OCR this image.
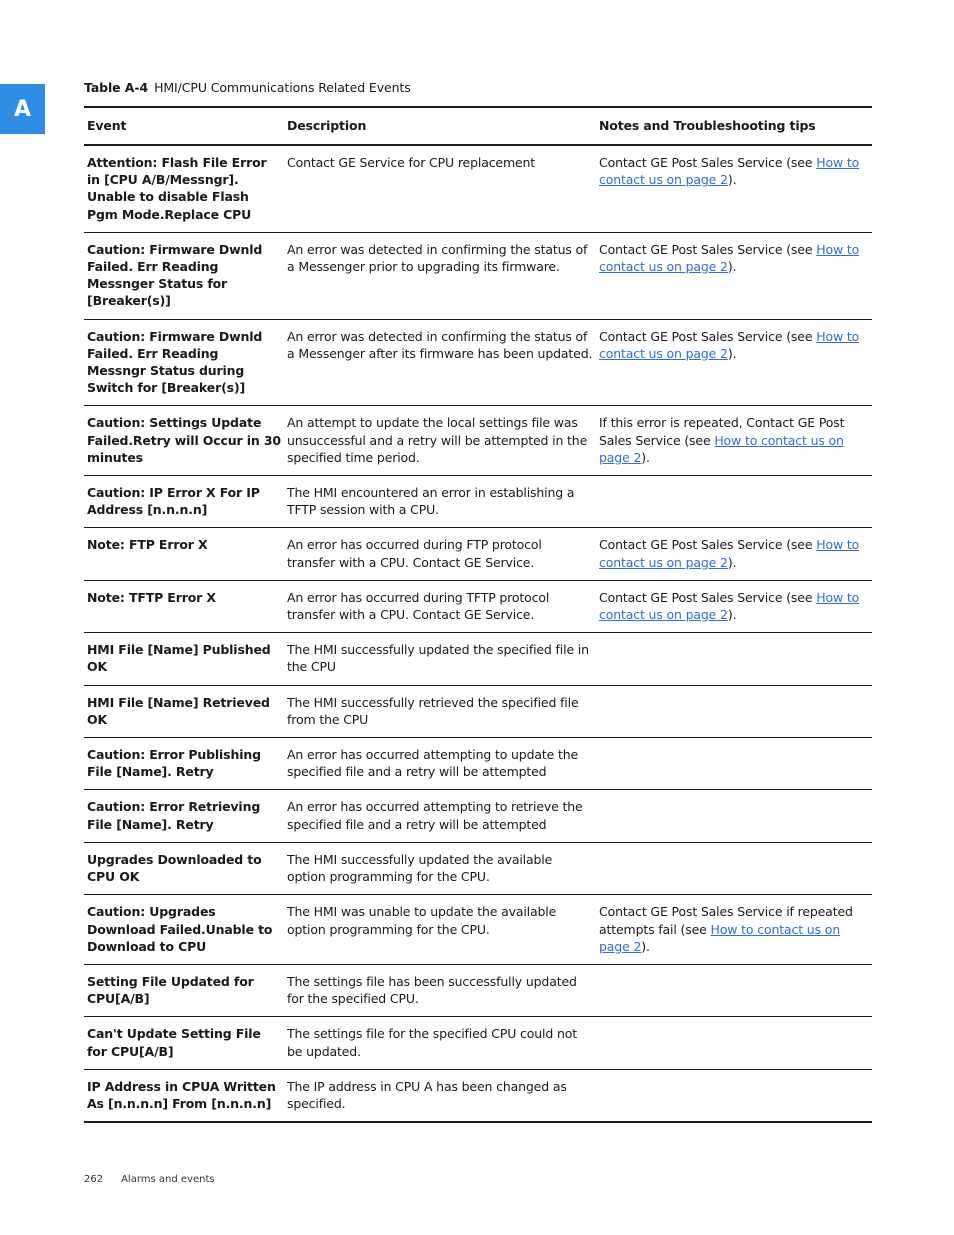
A
Table A-4 HMI/CPU Communications Related Events
Event	Description	Notes and Troubleshooting tips
Attention: Flash File Error in [CPU A/B/Messngr]. Unable to disable Flash Pgm Mode.Replace CPU	Contact GE Service for CPU replacement	Contact GE Post Sales Service (see How to contact us on page 2).
Caution: Firmware Dwnld Failed. Err Reading Messnger Status for [Breaker(s)]	An error was detected in confirming the status of a Messenger prior to upgrading its firmware.	Contact GE Post Sales Service (see How to contact us on page 2).
Caution: Firmware Dwnld Failed. Err Reading Messngr Status during Switch for [Breaker(s)]	An error was detected in confirming the status of a Messenger after its firmware has been updated.	Contact GE Post Sales Service (see How to contact us on page 2).
Caution: Settings Update Failed.Retry will Occur in 30 minutes	An attempt to update the local settings file was unsuccessful and a retry will be attempted in the specified time period.	If this error is repeated, Contact GE Post Sales Service (see How to contact us on page 2).
Caution: IP Error X For IP Address [n.n.n.n]	The HMI encountered an error in establishing a TFTP session with a CPU.	
Note: FTP Error X	An error has occurred during FTP protocol transfer with a CPU. Contact GE Service.	Contact GE Post Sales Service (see How to contact us on page 2).
Note: TFTP Error X	An error has occurred during TFTP protocol transfer with a CPU. Contact GE Service.	Contact GE Post Sales Service (see How to contact us on page 2).
HMI File [Name] Published OK	The HMI successfully updated the specified file in the CPU	
HMI File [Name] Retrieved OK	The HMI successfully retrieved the specified file from the CPU	
Caution: Error Publishing File [Name]. Retry	An error has occurred attempting to update the specified file and a retry will be attempted	
Caution: Error Retrieving File [Name]. Retry	An error has occurred attempting to retrieve the specified file and a retry will be attempted	
Upgrades Downloaded to CPU OK	The HMI successfully updated the available option programming for the CPU.	
Caution: Upgrades Download Failed.Unable to Download to CPU	The HMI was unable to update the available option programming for the CPU.	Contact GE Post Sales Service if repeated attempts fail (see How to contact us on page 2).
Setting File Updated for CPU[A/B]	The settings file has been successfully updated for the specified CPU.	
Can't Update Setting File for CPU[A/B]	The settings file for the specified CPU could not be updated.	
IP Address in CPUA Written As [n.n.n.n] From [n.n.n.n]	The IP address in CPU A has been changed as specified.	
262 Alarms and events
